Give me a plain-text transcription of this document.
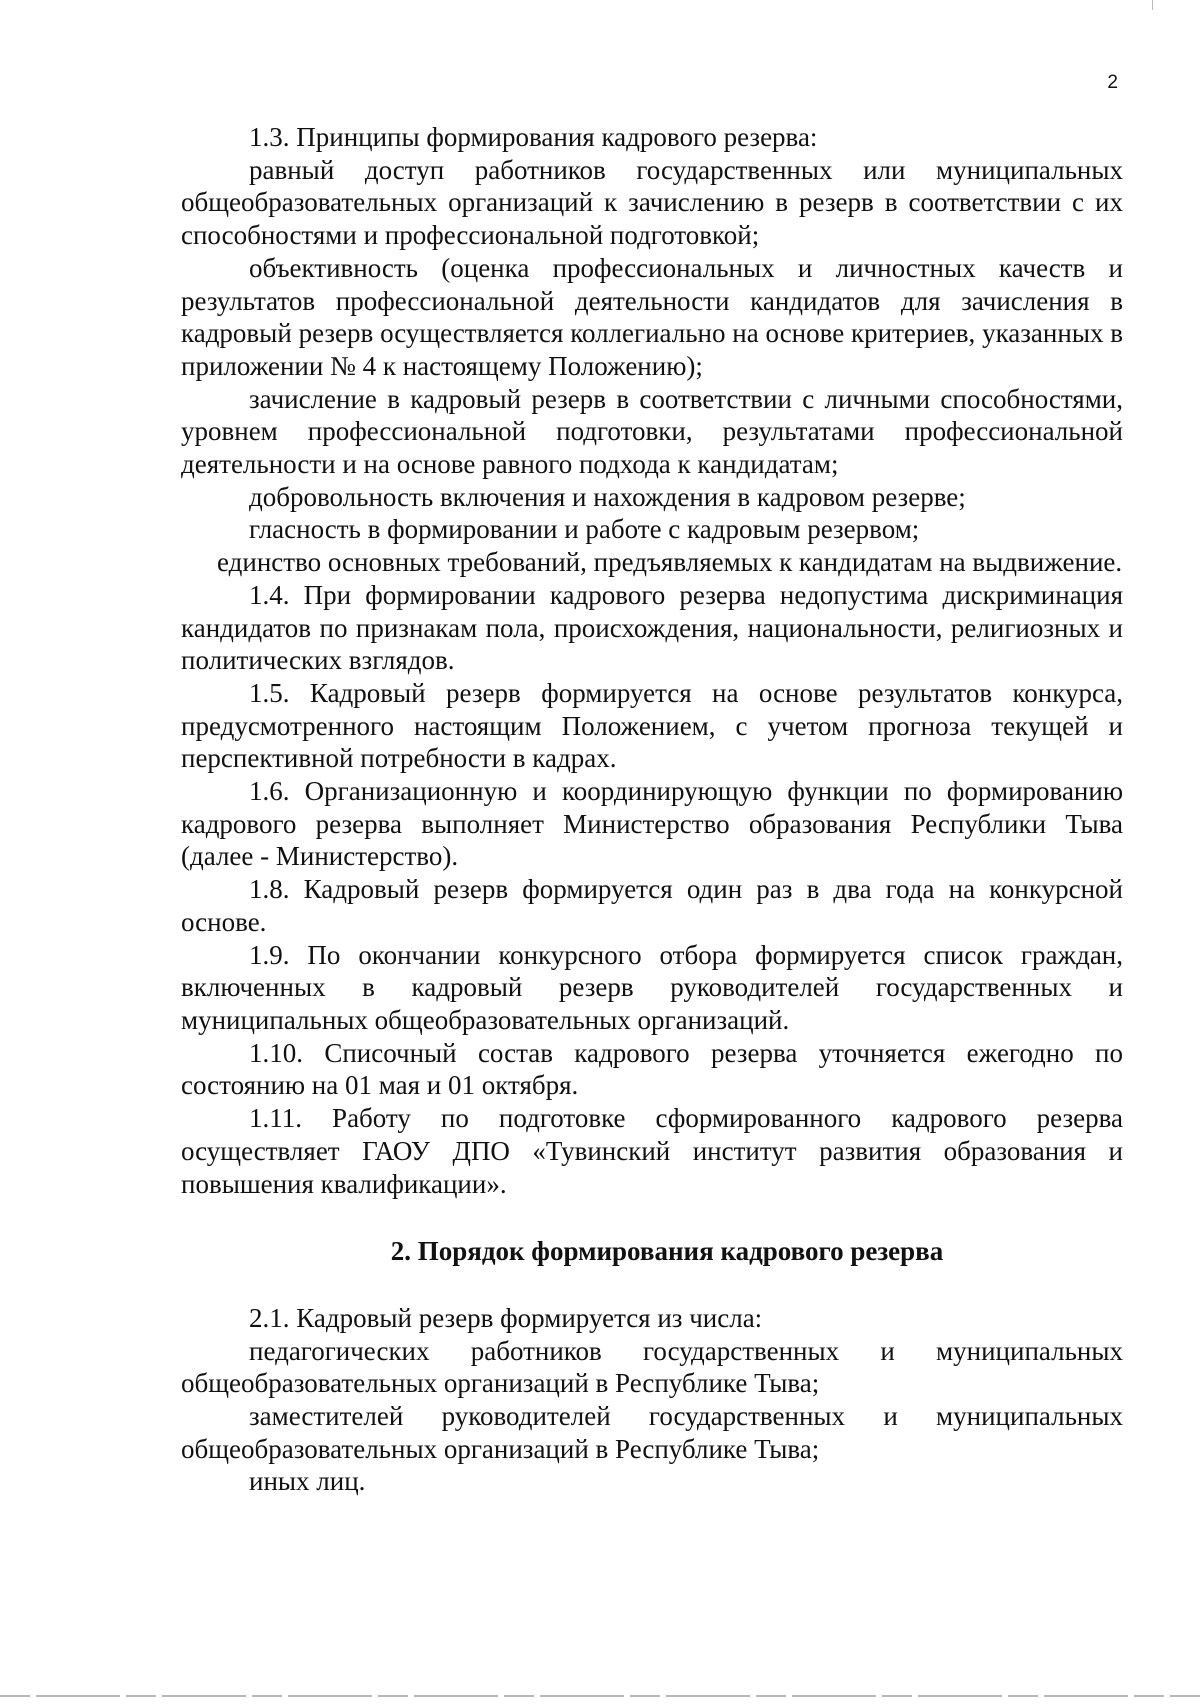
2

1.3. Принципы формирования кадрового резерва:

равный доступ работников государственных или муниципальных общеобразовательных организаций к зачислению в резерв в соответствии с их способностями и профессиональной подготовкой;

объективность (оценка профессиональных и личностных качеств и результатов профессиональной деятельности кандидатов для зачисления в кадровый резерв осуществляется коллегиально на основе критериев, указанных в приложении № 4 к настоящему Положению);

зачисление в кадровый резерв в соответствии с личными способностями, уровнем профессиональной подготовки, результатами профессиональной деятельности и на основе равного подхода к кандидатам;

добровольность включения и нахождения в кадровом резерве;

гласность в формировании и работе с кадровым резервом;

единство основных требований, предъявляемых к кандидатам на выдвижение.

1.4. При формировании кадрового резерва недопустима дискриминация кандидатов по признакам пола, происхождения, национальности, религиозных и политических взглядов.

1.5. Кадровый резерв формируется на основе результатов конкурса, предусмотренного настоящим Положением, с учетом прогноза текущей и перспективной потребности в кадрах.

1.6. Организационную и координирующую функции по формированию кадрового резерва выполняет Министерство образования Республики Тыва (далее - Министерство).

1.8. Кадровый резерв формируется один раз в два года на конкурсной основе.

1.9. По окончании конкурсного отбора формируется список граждан, включенных в кадровый резерв руководителей государственных и муниципальных общеобразовательных организаций.

1.10. Списочный состав кадрового резерва уточняется ежегодно по состоянию на 01 мая и 01 октября.

1.11. Работу по подготовке сформированного кадрового резерва осуществляет ГАОУ ДПО «Тувинский институт развития образования и повышения квалификации».

2. Порядок формирования кадрового резерва

2.1. Кадровый резерв формируется из числа:

педагогических работников государственных и муниципальных общеобразовательных организаций в Республике Тыва;

заместителей руководителей государственных и муниципальных общеобразовательных организаций в Республике Тыва;

иных лиц.
